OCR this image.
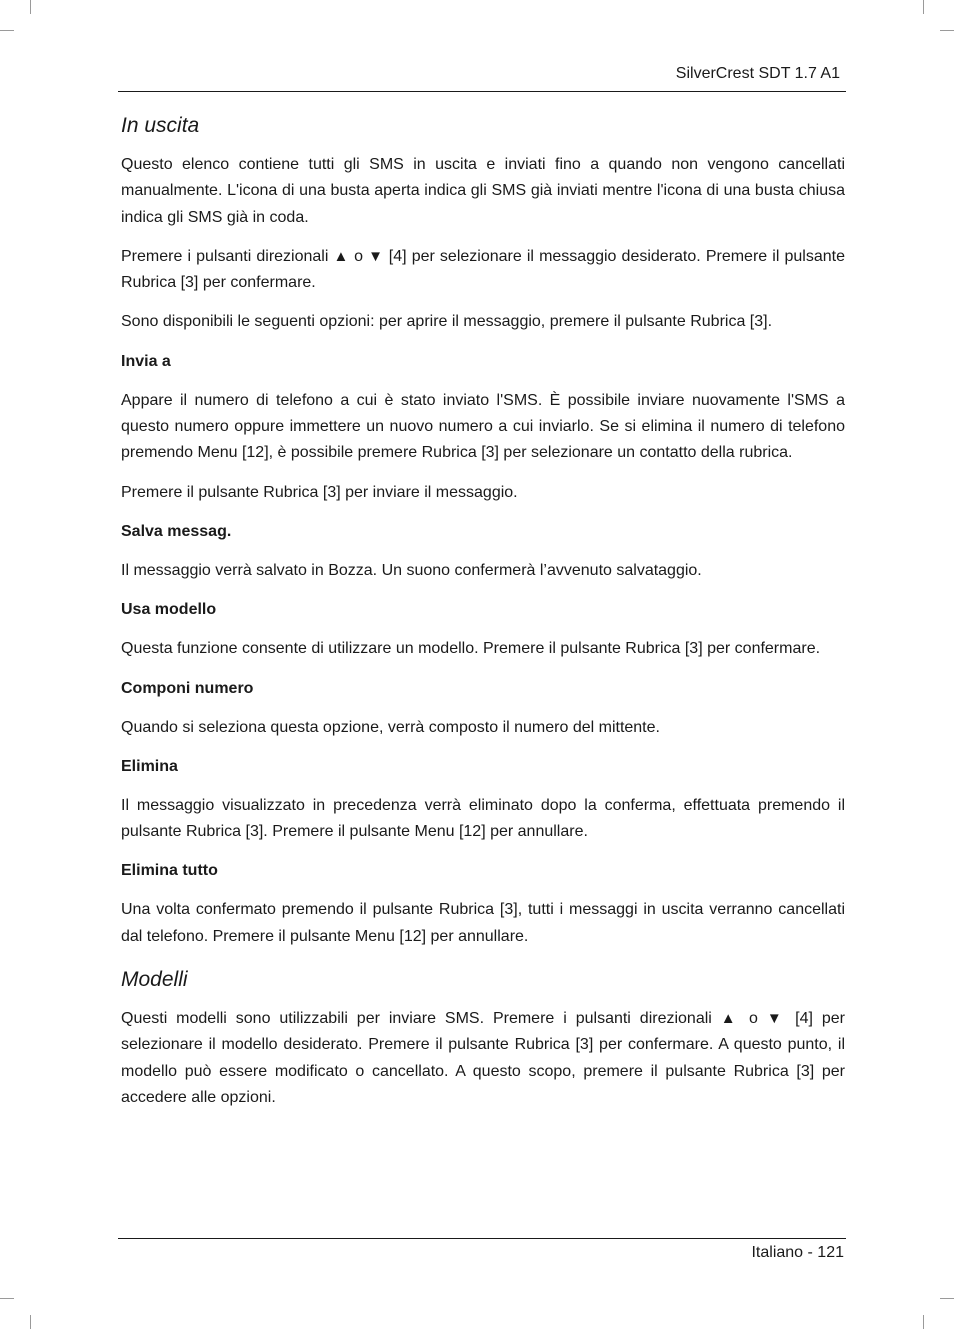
SilverCrest SDT 1.7 A1
In uscita

Questo elenco contiene tutti gli SMS in uscita e inviati fino a quando non vengono cancellati manualmente. L'icona di una busta aperta indica gli SMS già inviati mentre l'icona di una busta chiusa indica gli SMS già in coda.

Premere i pulsanti direzionali ▲ o ▼ [4] per selezionare il messaggio desiderato. Premere il pulsante Rubrica [3] per confermare.

Sono disponibili le seguenti opzioni: per aprire il messaggio, premere il pulsante Rubrica [3].

Invia a

Appare il numero di telefono a cui è stato inviato l'SMS. È possibile inviare nuovamente l'SMS a questo numero oppure immettere un nuovo numero a cui inviarlo. Se si elimina il numero di telefono premendo Menu [12], è possibile premere Rubrica [3] per selezionare un contatto della rubrica.

Premere il pulsante Rubrica [3] per inviare il messaggio.

Salva messag.

Il messaggio verrà salvato in Bozza. Un suono confermerà l’avvenuto salvataggio.

Usa modello

Questa funzione consente di utilizzare un modello. Premere il pulsante Rubrica [3] per confermare.

Componi numero

Quando si seleziona questa opzione, verrà composto il numero del mittente.

Elimina

Il messaggio visualizzato in precedenza verrà eliminato dopo la conferma, effettuata premendo il pulsante Rubrica [3]. Premere il pulsante Menu [12] per annullare.

Elimina tutto

Una volta confermato premendo il pulsante Rubrica [3], tutti i messaggi in uscita verranno cancellati dal telefono. Premere il pulsante Menu [12] per annullare.

Modelli

Questi modelli sono utilizzabili per inviare SMS. Premere i pulsanti direzionali ▲ o ▼ [4] per selezionare il modello desiderato. Premere il pulsante Rubrica [3] per confermare. A questo punto, il modello può essere modificato o cancellato. A questo scopo, premere il pulsante Rubrica [3] per accedere alle opzioni.

Italiano - 121
